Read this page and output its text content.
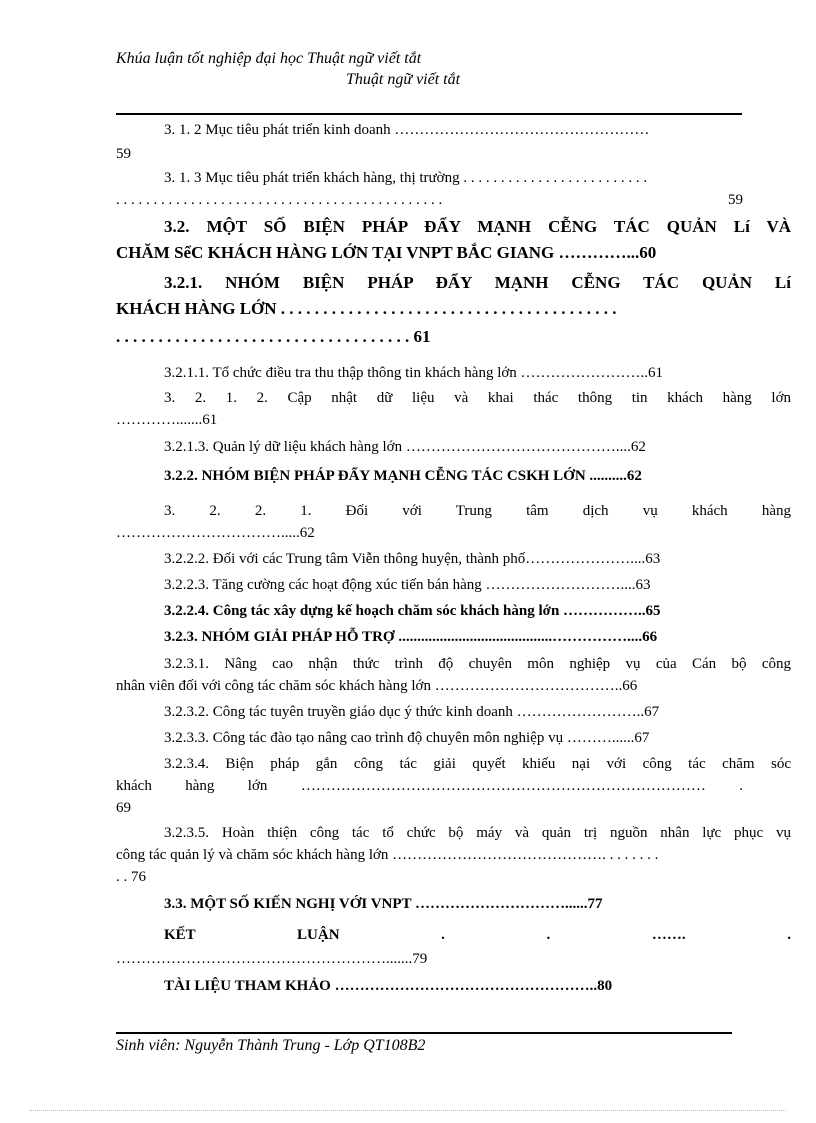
Khúa luận tốt nghiệp đại học Thuật ngữ viết tắt
Thuật ngữ viết tắt
3. 1. 2 Mục tiêu phát triển kinh doanh ……………………………………………
59
3. 1. 3 Mục tiêu phát triển khách hàng, thị trường . . . . . . . . . . . . . . . . . . . . . . . . .
. . . . . . . . . . . . . . . . . . . . . . . . . . . . . . . . . . . . . . . . . . . .	59
3.2. MỘT SỐ BIỆN PHÁP ĐẨY MẠNH CỄNG TÁC QUẢN Lí VÀ
CHĂM SểC KHÁCH HÀNG LỚN TẠI VNPT BẮC GIANG …………...60
3.2.1. NHÓM BIỆN PHÁP ĐẨY MẠNH CỄNG TÁC QUẢN Lí
KHÁCH HÀNG LỚN . . . . . . . . . . . . . . . . . . . . . . . . . . . . . . . . . . . . . . . .
. . . . . . . . . . . . . . . . . . . . . . . . . . . . . . . . . . . 61
3.2.1.1. Tổ chức điều tra thu thập thông tin khách hàng lớn ……………………..61
3. 2. 1. 2. Cập nhật dữ liệu và khai thác thông tin khách hàng lớn
………….......61
3.2.1.3. Quản lý dữ liệu khách hàng lớn ……………………………………....62
3.2.2. NHÓM BIỆN PHÁP ĐẨY MẠNH CỄNG TÁC CSKH LỚN ..........62
3. 2. 2. 1. Đối với Trung tâm dịch vụ khách hàng
…………………………….....62
3.2.2.2. Đối với các Trung tâm Viễn thông huyện, thành phố…………………....63
3.2.2.3. Tăng cường các hoạt động xúc tiến bán hàng ………………………....63
3.2.2.4. Công tác xây dựng kế hoạch chăm sóc khách hàng lớn ……………..65
3.2.3. NHÓM GIẢI PHÁP HỖ TRỢ .........................................……………....66
3.2.3.1. Nâng cao nhận thức trình độ chuyên môn nghiệp vụ của Cán bộ công
nhân viên đối với công tác chăm sóc khách hàng lớn ………………………………..66
3.2.3.2. Công tác tuyên truyền giáo dục ý thức kinh doanh ……………………..67
3.2.3.3. Công tác đào tạo nâng cao trình độ chuyên môn nghiệp vụ ………......67
3.2.3.4. Biện pháp gắn công tác giải quyết khiếu nại với công tác chăm sóc
khách hàng lớn ……………………………………………………………………… .
69
3.2.3.5. Hoàn thiện công tác tổ chức bộ máy và quản trị nguồn nhân lực phục vụ
công tác quản lý và chăm sóc khách hàng lớn ……………………………………. . . . . . . .
. . 76
3.3. MỘT SỐ KIẾN NGHỊ VỚI VNPT …………………………......77
KẾT LUẬN . . ……. .
……………………………………………….......79
TÀI LIỆU THAM KHẢO ……………………………………………..80
Sinh viên: Nguyễn Thành Trung - Lớp QT108B2
